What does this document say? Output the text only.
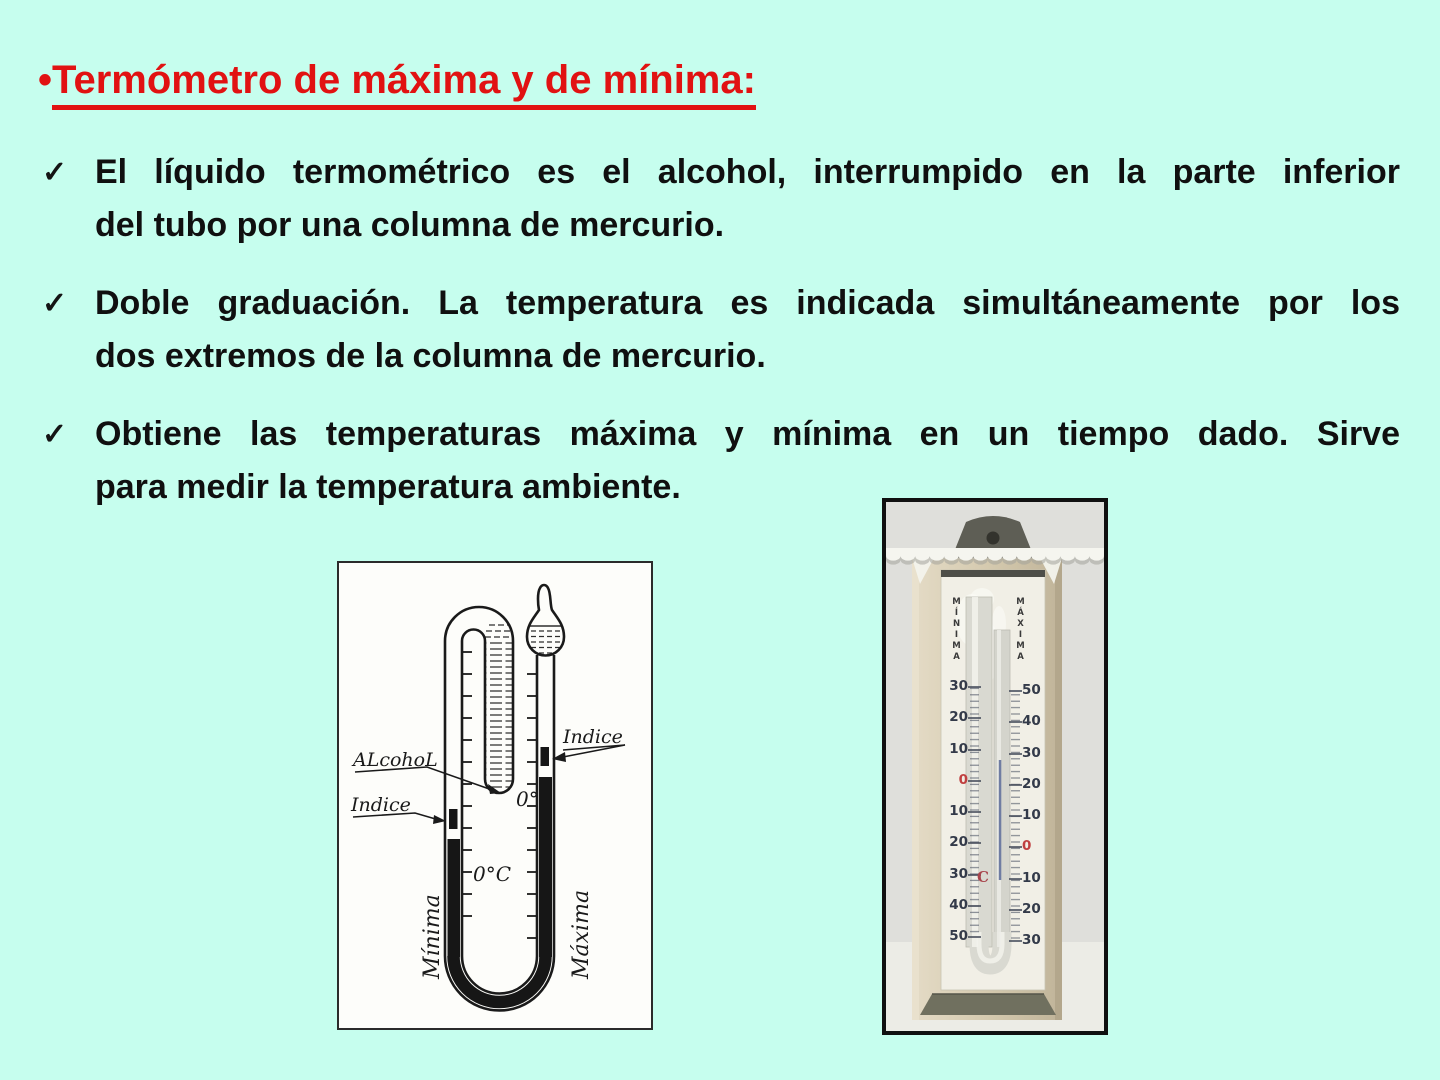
•Termómetro de máxima y de mínima:
✓ El líquido termométrico es el alcohol, interrumpido en la parte inferior
del tubo por una columna de mercurio.
✓ Doble graduación. La temperatura es indicada simultáneamente por los
dos extremos de la columna de mercurio.
✓ Obtiene las temperaturas máxima y mínima en un tiempo dado. Sirve
para medir la temperatura ambiente.
ALcohoL
Indice
Indice	0°
0°C
Mínima	Máxima
MÍNIMA	MÁXIMA
30
20
10
0
10
20
30
40
50
50
40
30
20
10
0
10
20
30
C
